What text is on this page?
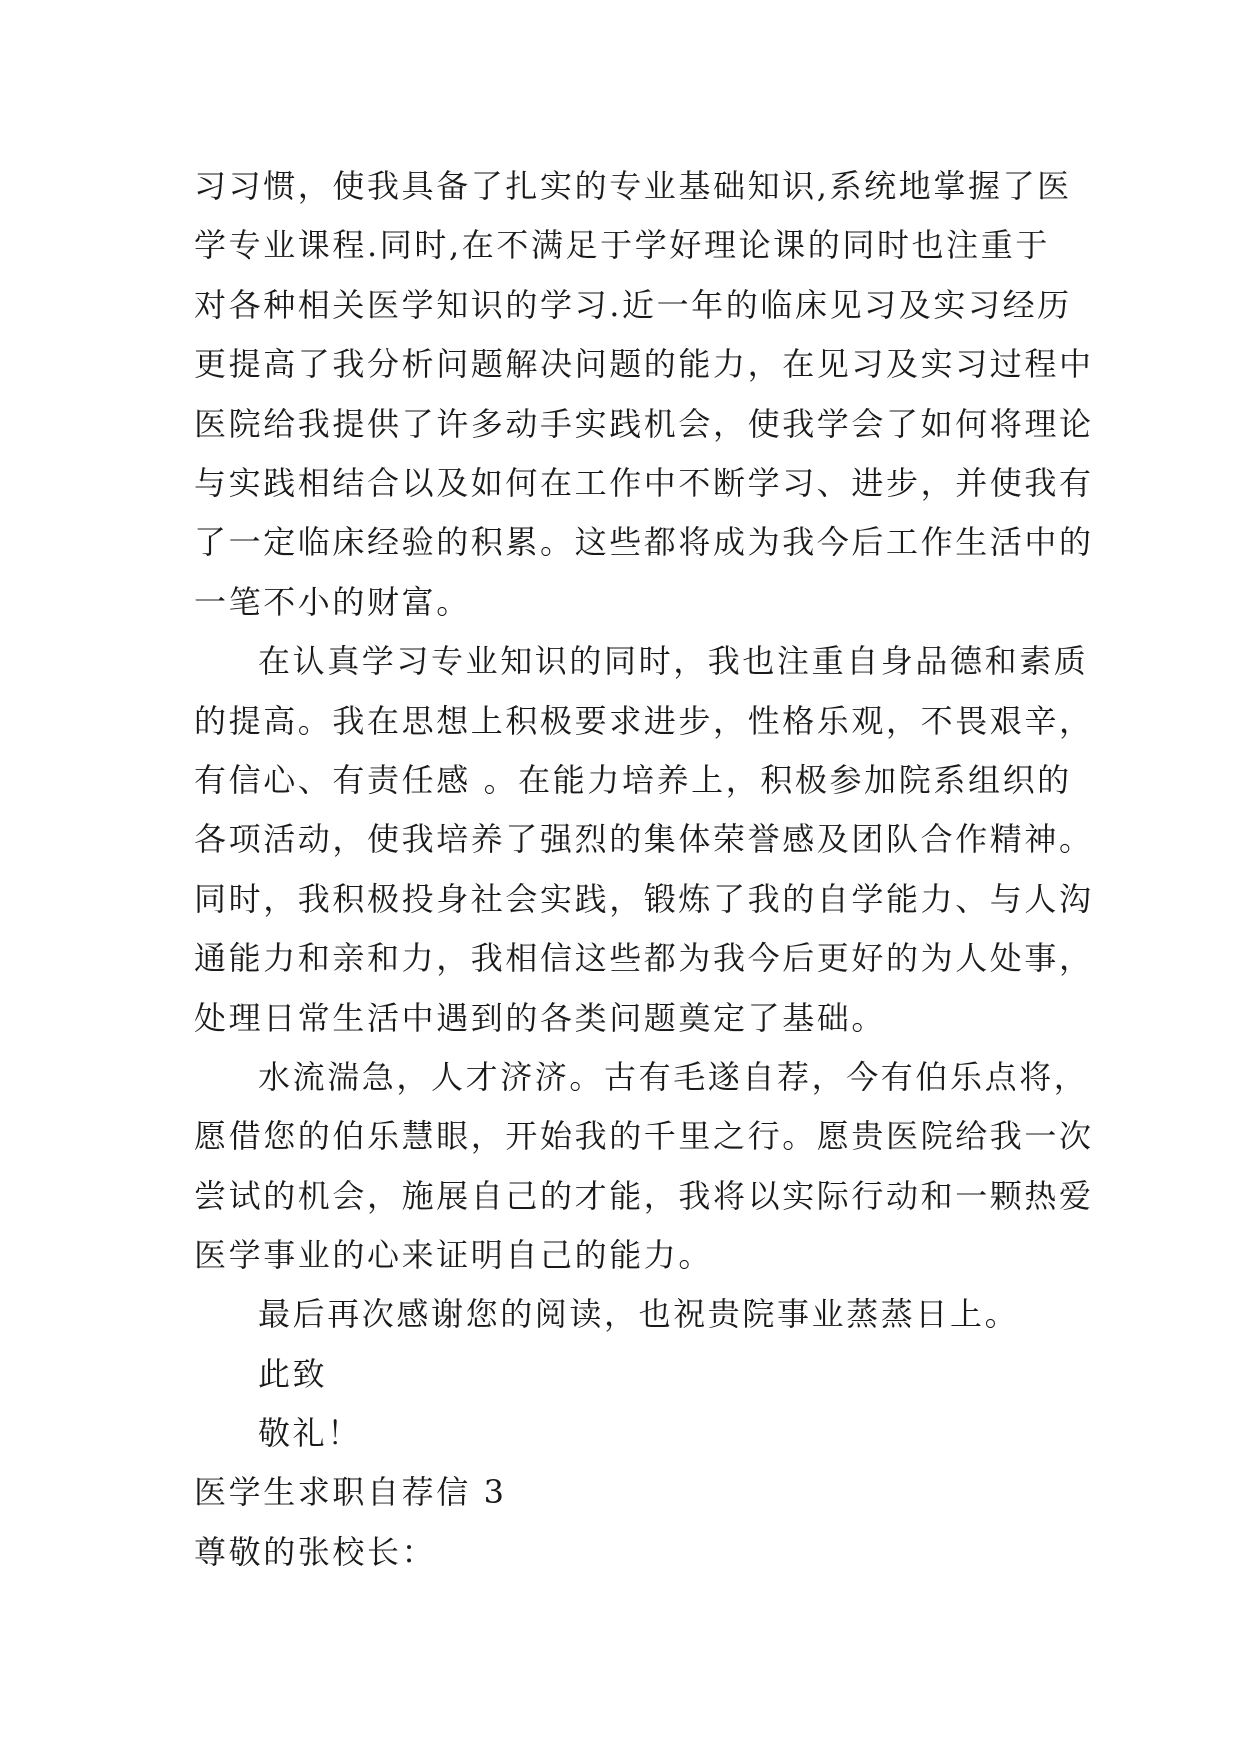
习习惯，使我具备了扎实的专业基础知识,系统地掌握了医
学专业课程.同时,在不满足于学好理论课的同时也注重于
对各种相关医学知识的学习.近一年的临床见习及实习经历
更提高了我分析问题解决问题的能力，在见习及实习过程中
医院给我提供了许多动手实践机会，使我学会了如何将理论
与实践相结合以及如何在工作中不断学习、进步，并使我有
了一定临床经验的积累。这些都将成为我今后工作生活中的
一笔不小的财富。
在认真学习专业知识的同时，我也注重自身品德和素质
的提高。我在思想上积极要求进步，性格乐观，不畏艰辛，
有信心、有责任感 。在能力培养上，积极参加院系组织的
各项活动，使我培养了强烈的集体荣誉感及团队合作精神。
同时，我积极投身社会实践，锻炼了我的自学能力、与人沟
通能力和亲和力，我相信这些都为我今后更好的为人处事，
处理日常生活中遇到的各类问题奠定了基础。
水流湍急，人才济济。古有毛遂自荐，今有伯乐点将，
愿借您的伯乐慧眼，开始我的千里之行。愿贵医院给我一次
尝试的机会，施展自己的才能，我将以实际行动和一颗热爱
医学事业的心来证明自己的能力。
最后再次感谢您的阅读，也祝贵院事业蒸蒸日上。
此致
敬礼！
医学生求职自荐信 3
尊敬的张校长：
